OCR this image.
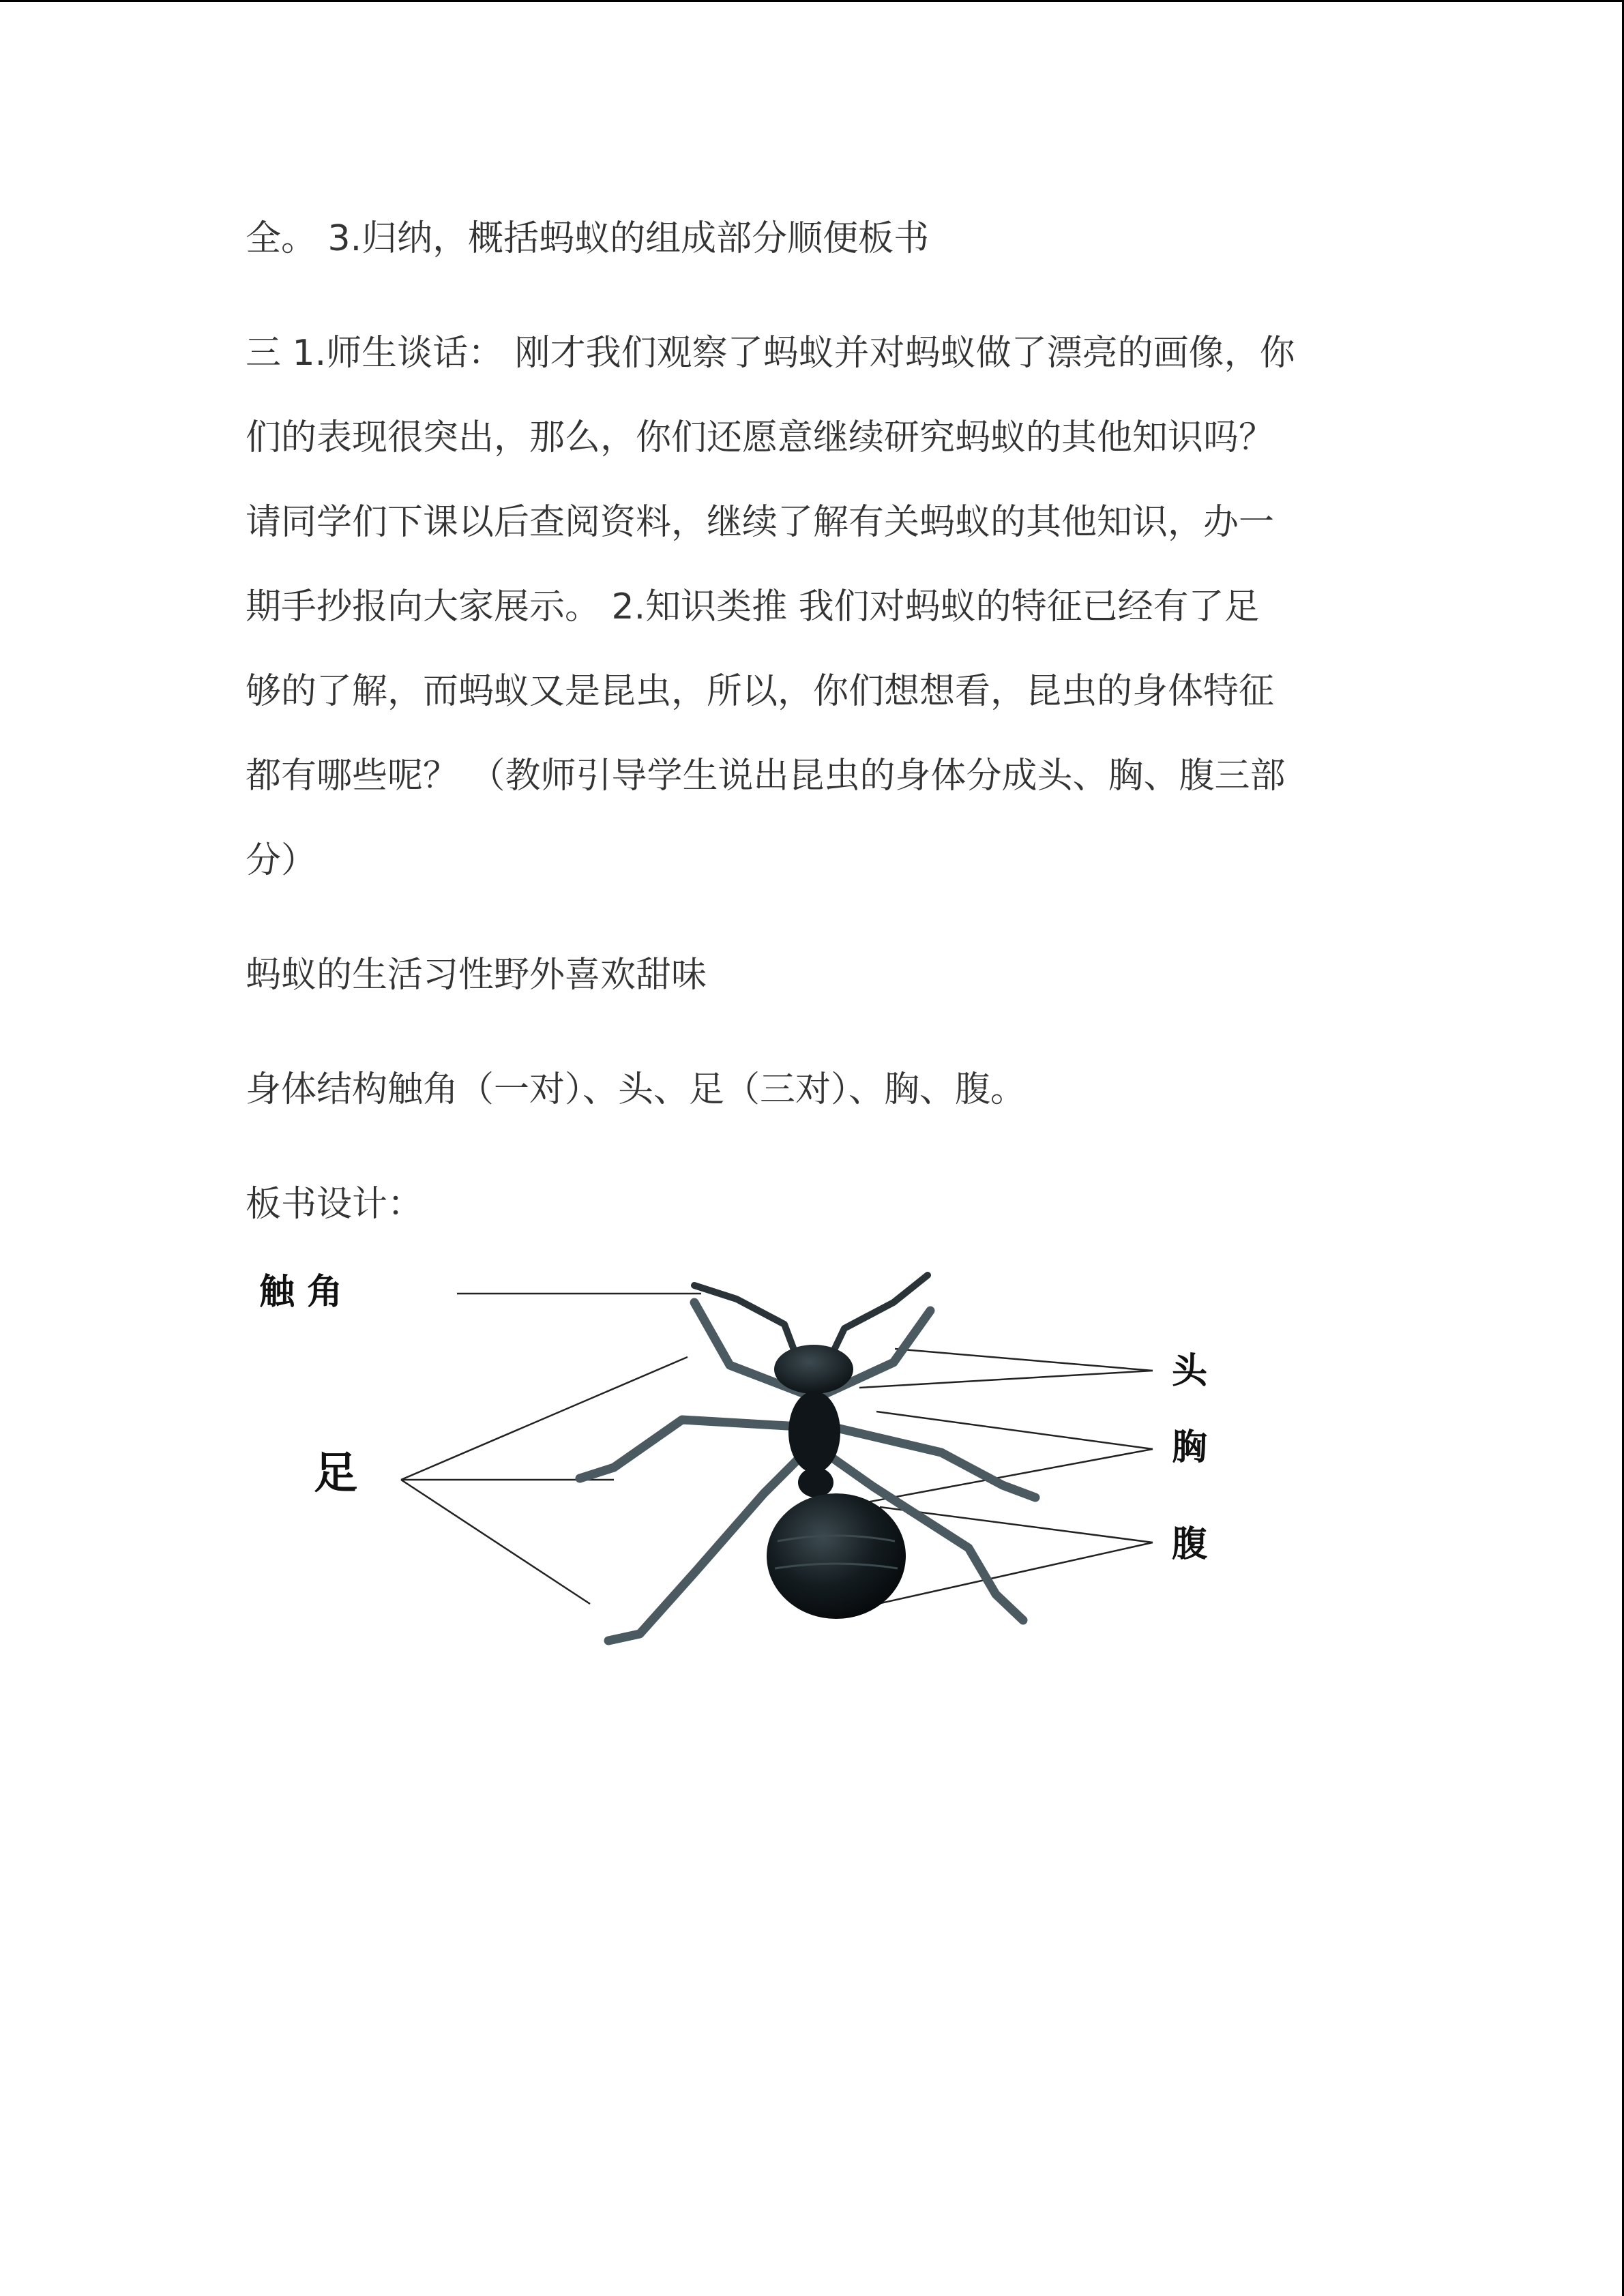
全。 3.归纳，概括蚂蚁的组成部分顺便板书
三 1.师生谈话： 刚才我们观察了蚂蚁并对蚂蚁做了漂亮的画像，你
们的表现很突出，那么，你们还愿意继续研究蚂蚁的其他知识吗？
请同学们下课以后查阅资料，继续了解有关蚂蚁的其他知识，办一
期手抄报向大家展示。 2.知识类推 我们对蚂蚁的特征已经有了足
够的了解，而蚂蚁又是昆虫，所以，你们想想看，昆虫的身体特征
都有哪些呢？ （教师引导学生说出昆虫的身体分成头、胸、腹三部
分）
蚂蚁的生活习性野外喜欢甜味
身体结构触角（一对）、头、足（三对）、胸、腹。
板书设计：
触 角
足
头
胸
腹
